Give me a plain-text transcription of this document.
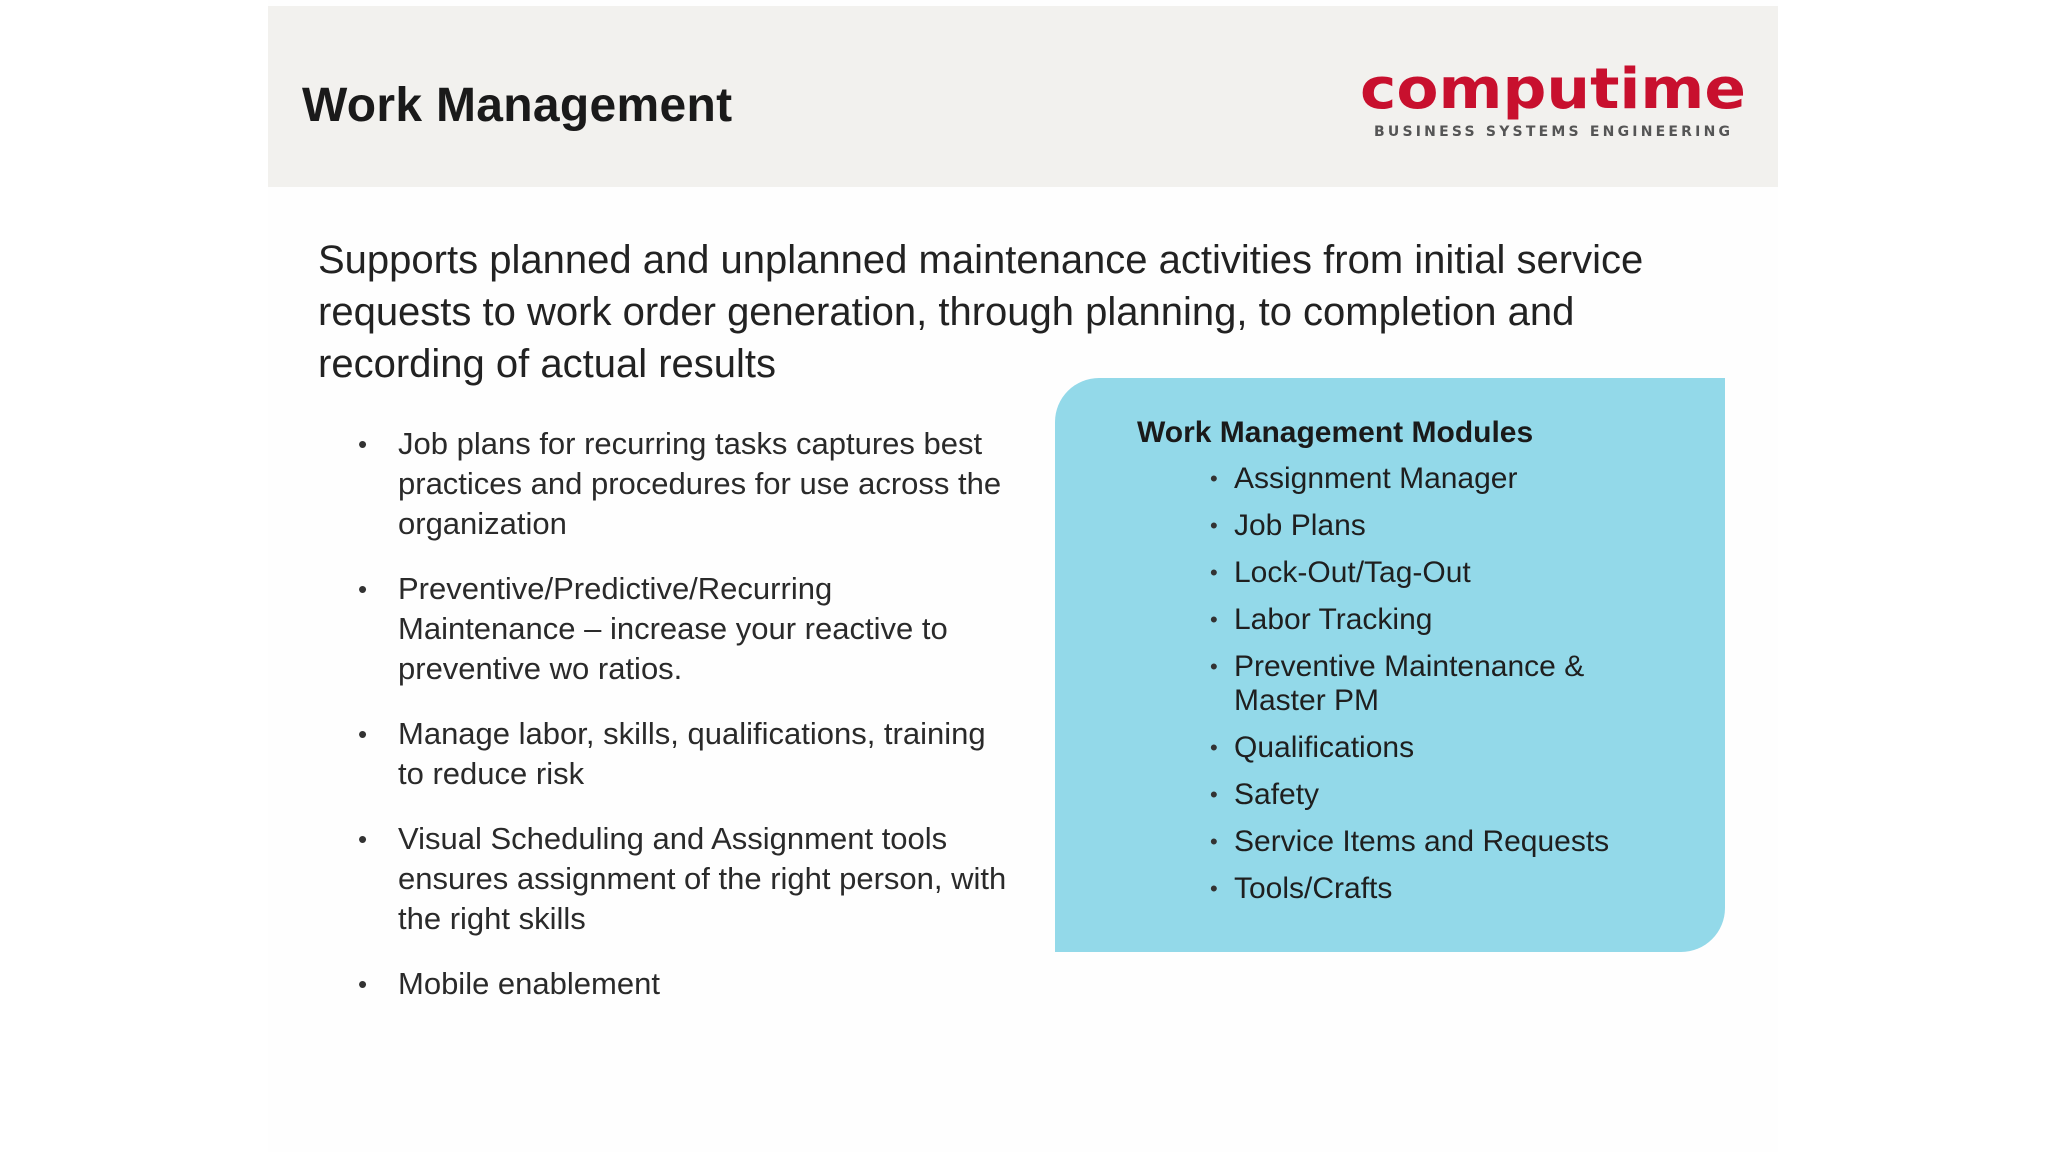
Work Management	computime
BUSINESS SYSTEMS ENGINEERING
Supports planned and unplanned maintenance activities from initial service requests to work order generation, through planning, to completion and recording of actual results
• Job plans for recurring tasks captures best practices and procedures for use across the organization
• Preventive/Predictive/Recurring Maintenance – increase your reactive to preventive wo ratios.
• Manage labor, skills, qualifications, training to reduce risk
• Visual Scheduling and Assignment tools ensures assignment of the right person, with the right skills
• Mobile enablement
Work Management Modules
• Assignment Manager
• Job Plans
• Lock-Out/Tag-Out
• Labor Tracking
• Preventive Maintenance & Master PM
• Qualifications
• Safety
• Service Items and Requests
• Tools/Crafts
